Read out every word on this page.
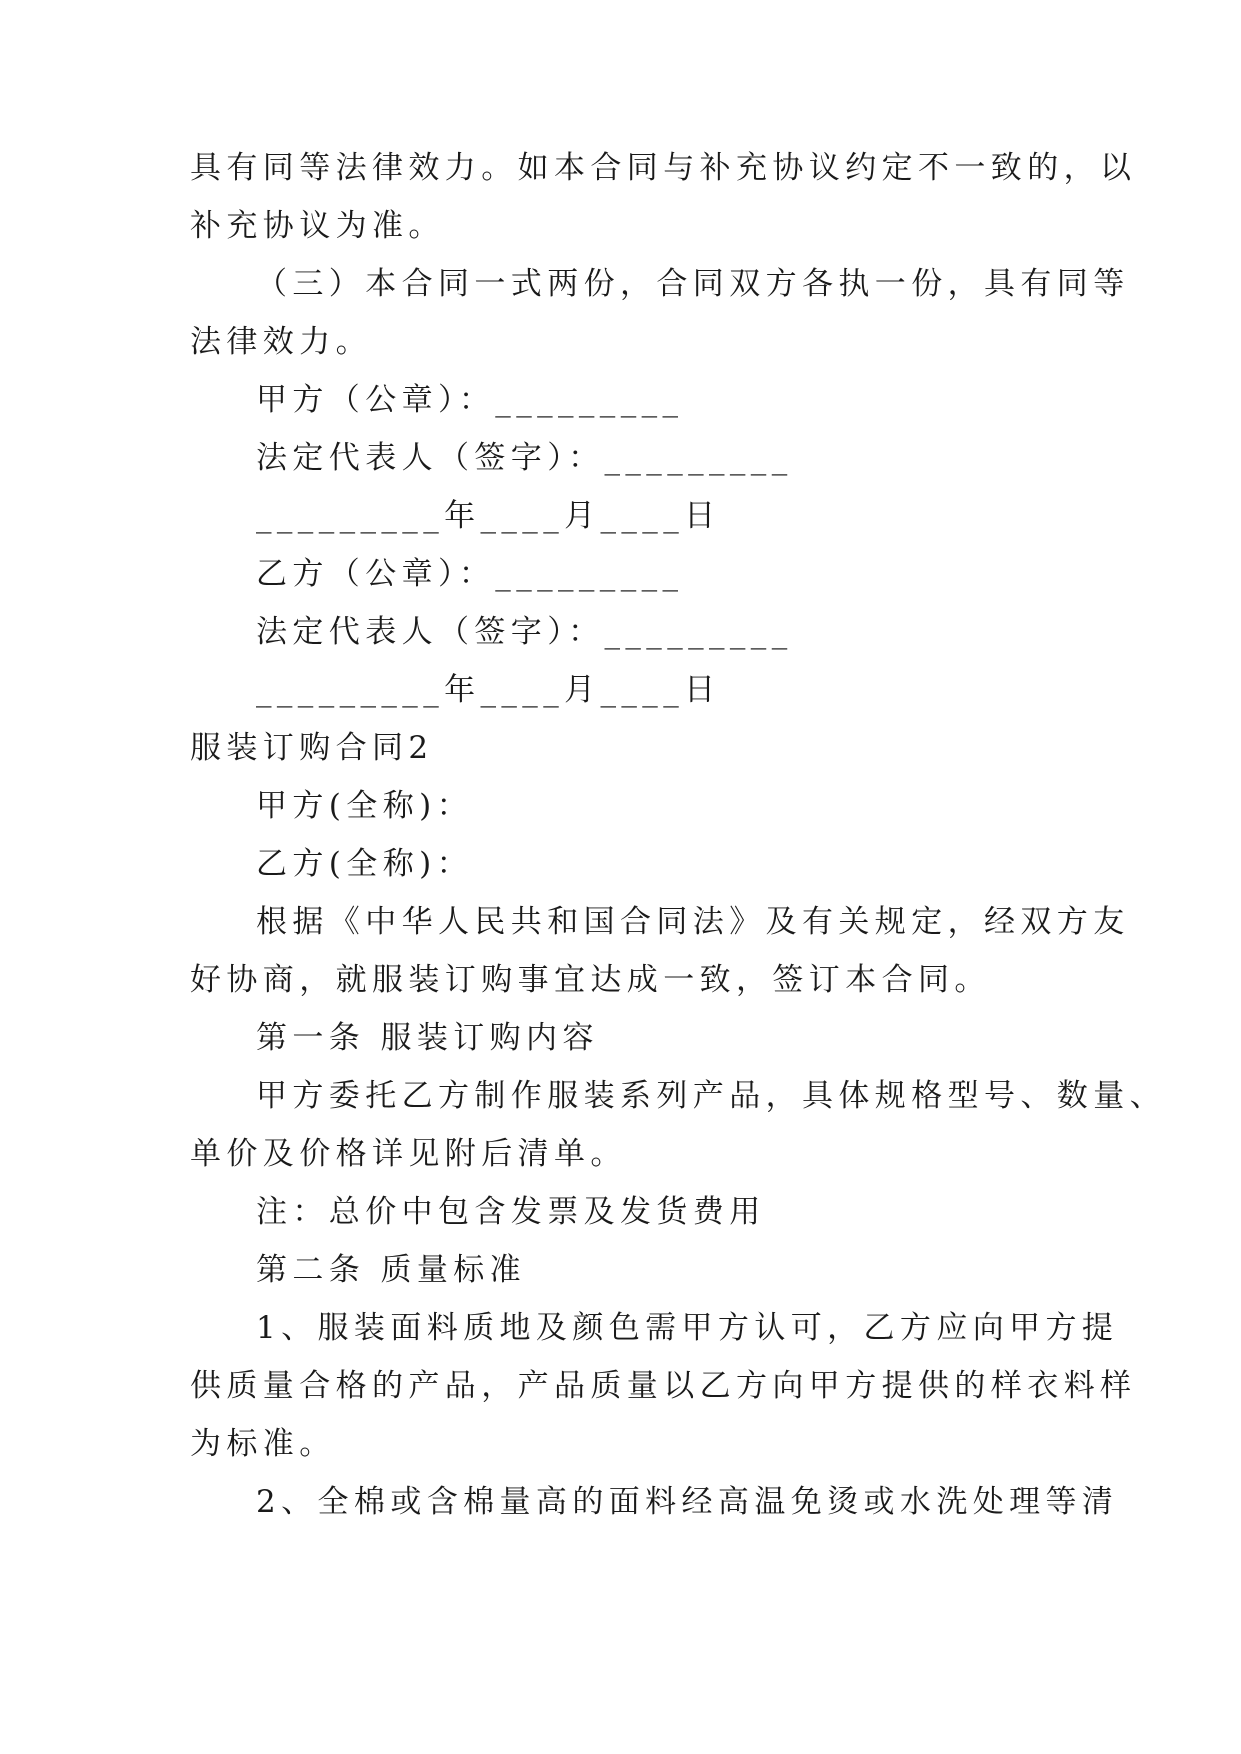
具有同等法律效力。如本合同与补充协议约定不一致的，以
补充协议为准。
（三）本合同一式两份，合同双方各执一份，具有同等
法律效力。
甲方（公章）：_________
法定代表人（签字）：_________
_________年____月____日
乙方（公章）：_________
法定代表人（签字）：_________
_________年____月____日
服装订购合同2
甲方(全称)：
乙方(全称)：
根据《中华人民共和国合同法》及有关规定，经双方友
好协商，就服装订购事宜达成一致，签订本合同。
第一条 服装订购内容
甲方委托乙方制作服装系列产品，具体规格型号、数量、
单价及价格详见附后清单。
注：总价中包含发票及发货费用
第二条 质量标准
1、服装面料质地及颜色需甲方认可，乙方应向甲方提
供质量合格的产品，产品质量以乙方向甲方提供的样衣料样
为标准。
2、全棉或含棉量高的面料经高温免烫或水洗处理等清
